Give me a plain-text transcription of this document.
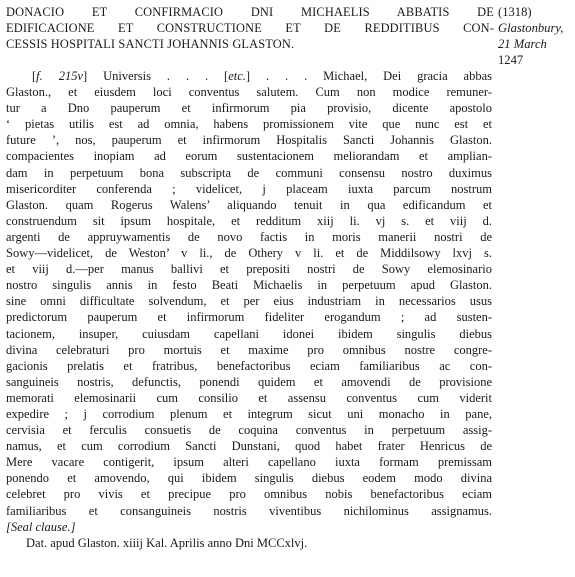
DONACIO ET CONFIRMACIO DNI MICHAELIS ABBATIS DE
EDIFICACIONE ET CONSTRUCTIONE ET DE REDDITIBUS CON-
CESSIS HOSPITALI SANCTI JOHANNIS GLASTON.
(1318)
Glastonbury,
21 March
1247
[f. 215v] Universis . . . [etc.] . . . Michael, Dei gracia abbas
Glaston., et eiusdem loci conventus salutem. Cum non modice remuner-
tur a Dno pauperum et infirmorum pia provisio, dicente apostolo
‘ pietas utilis est ad omnia, habens promissionem vite que nunc est et
future ’, nos, pauperum et infirmorum Hospitalis Sancti Johannis Glaston.
compacientes inopiam ad eorum sustentacionem meliorandam et amplian-
dam in perpetuum bona subscripta de communi consensu nostro duximus
misericorditer conferenda ; videlicet, j placeam iuxta parcum nostrum
Glaston. quam Rogerus Walens’ aliquando tenuit in qua edificandum et
construendum sit ipsum hospitale, et redditum xiij li. vj s. et viij d.
argenti de appruywamentis de novo factis in moris manerii nostri de
Sowy—videlicet, de Weston’ v li., de Othery v li. et de Middilsowy lxvj s.
et viij d.—per manus ballivi et prepositi nostri de Sowy elemosinario
nostro singulis annis in festo Beati Michaelis in perpetuum apud Glaston.
sine omni difficultate solvendum, et per eius industriam in necessarios usus
predictorum pauperum et infirmorum fideliter erogandum ; ad susten-
tacionem, insuper, cuiusdam capellani idonei ibidem singulis diebus
divina celebraturi pro mortuis et maxime pro omnibus nostre congre-
gacionis prelatis et fratribus, benefactoribus eciam familiaribus ac con-
sanguineis nostris, defunctis, ponendi quidem et amovendi de provisione
memorati elemosinarii cum consilio et assensu conventus cum viderit
expedire ; j corrodium plenum et integrum sicut uni monacho in pane,
cervisia et ferculis consuetis de coquina conventus in perpetuum assig-
namus, et cum corrodium Sancti Dunstani, quod habet frater Henricus de
Mere vacare contigerit, ipsum alteri capellano iuxta formam premissam
ponendo et amovendo, qui ibidem singulis diebus eodem modo divina
celebret pro vivis et precipue pro omnibus nobis benefactoribus eciam
familiaribus et consanguineis nostris viventibus nichilominus assignamus.
[Seal clause.]
Dat. apud Glaston. xiiij Kal. Aprilis anno Dni MCCxlvj.
